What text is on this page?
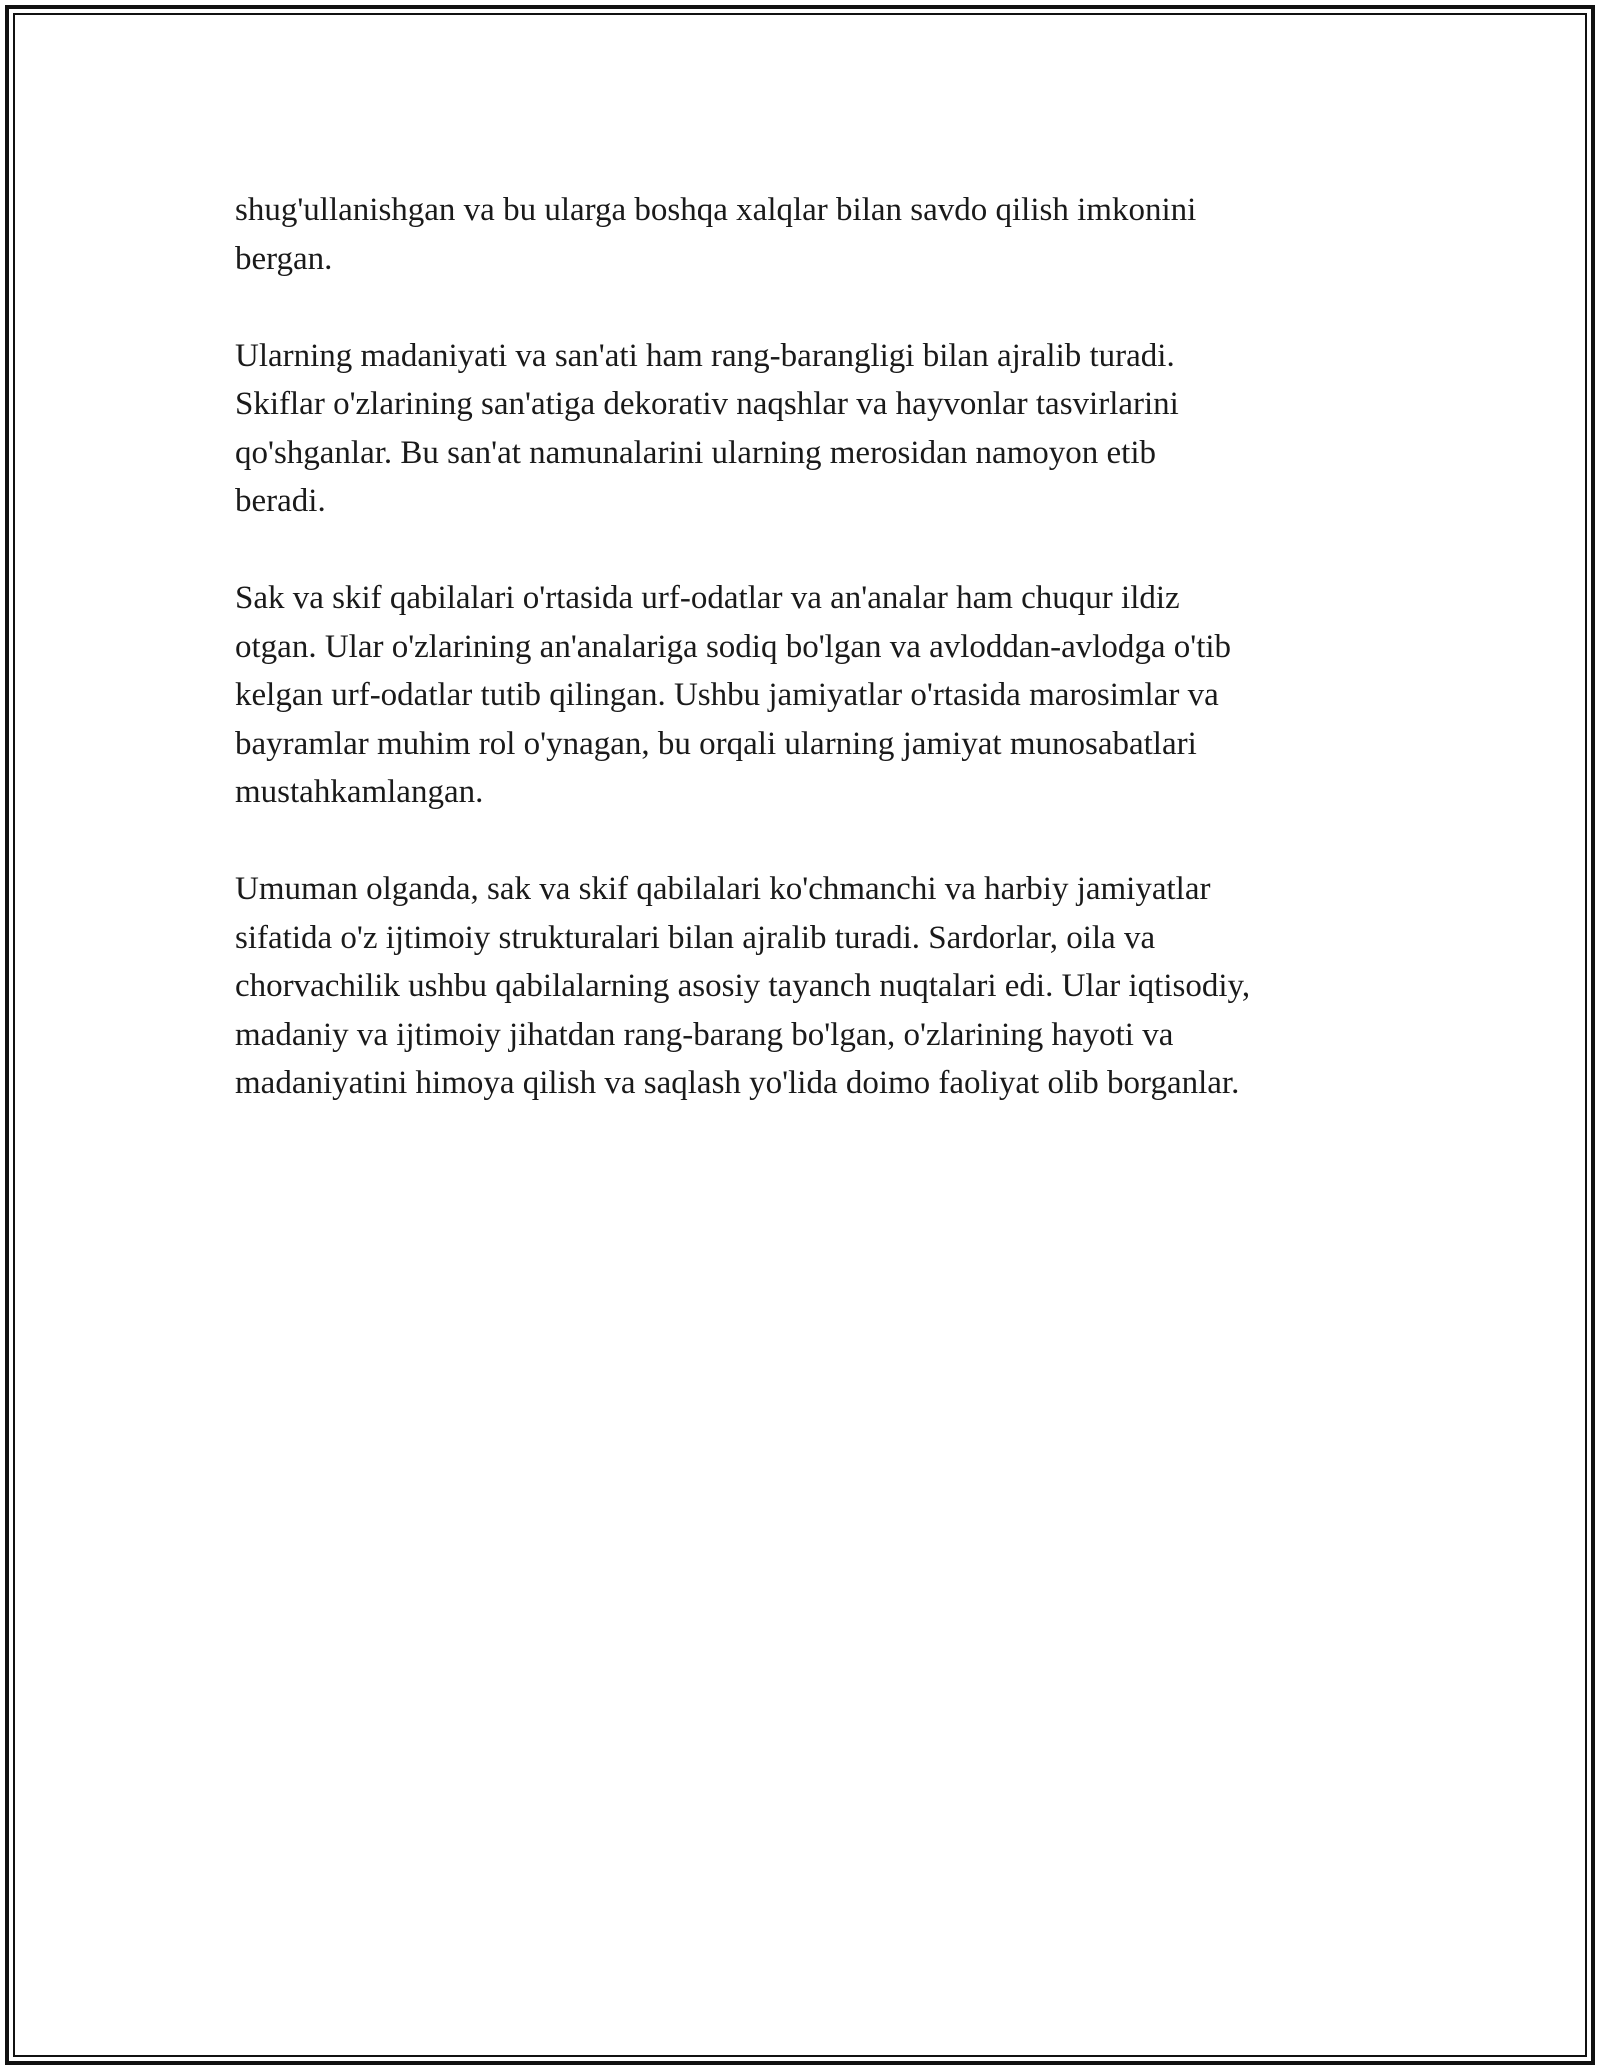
shug'ullanishgan va bu ularga boshqa xalqlar bilan savdo qilish imkonini
bergan.

Ularning madaniyati va san'ati ham rang-barangligi bilan ajralib turadi.
Skiflar o'zlarining san'atiga dekorativ naqshlar va hayvonlar tasvirlarini
qo'shganlar. Bu san'at namunalarini ularning merosidan namoyon etib
beradi.

Sak va skif qabilalari o'rtasida urf-odatlar va an'analar ham chuqur ildiz
otgan. Ular o'zlarining an'analariga sodiq bo'lgan va avloddan-avlodga o'tib
kelgan urf-odatlar tutib qilingan. Ushbu jamiyatlar o'rtasida marosimlar va
bayramlar muhim rol o'ynagan, bu orqali ularning jamiyat munosabatlari
mustahkamlangan.

Umuman olganda, sak va skif qabilalari ko'chmanchi va harbiy jamiyatlar
sifatida o'z ijtimoiy strukturalari bilan ajralib turadi. Sardorlar, oila va
chorvachilik ushbu qabilalarning asosiy tayanch nuqtalari edi. Ular iqtisodiy,
madaniy va ijtimoiy jihatdan rang-barang bo'lgan, o'zlarining hayoti va
madaniyatini himoya qilish va saqlash yo'lida doimo faoliyat olib borganlar.
